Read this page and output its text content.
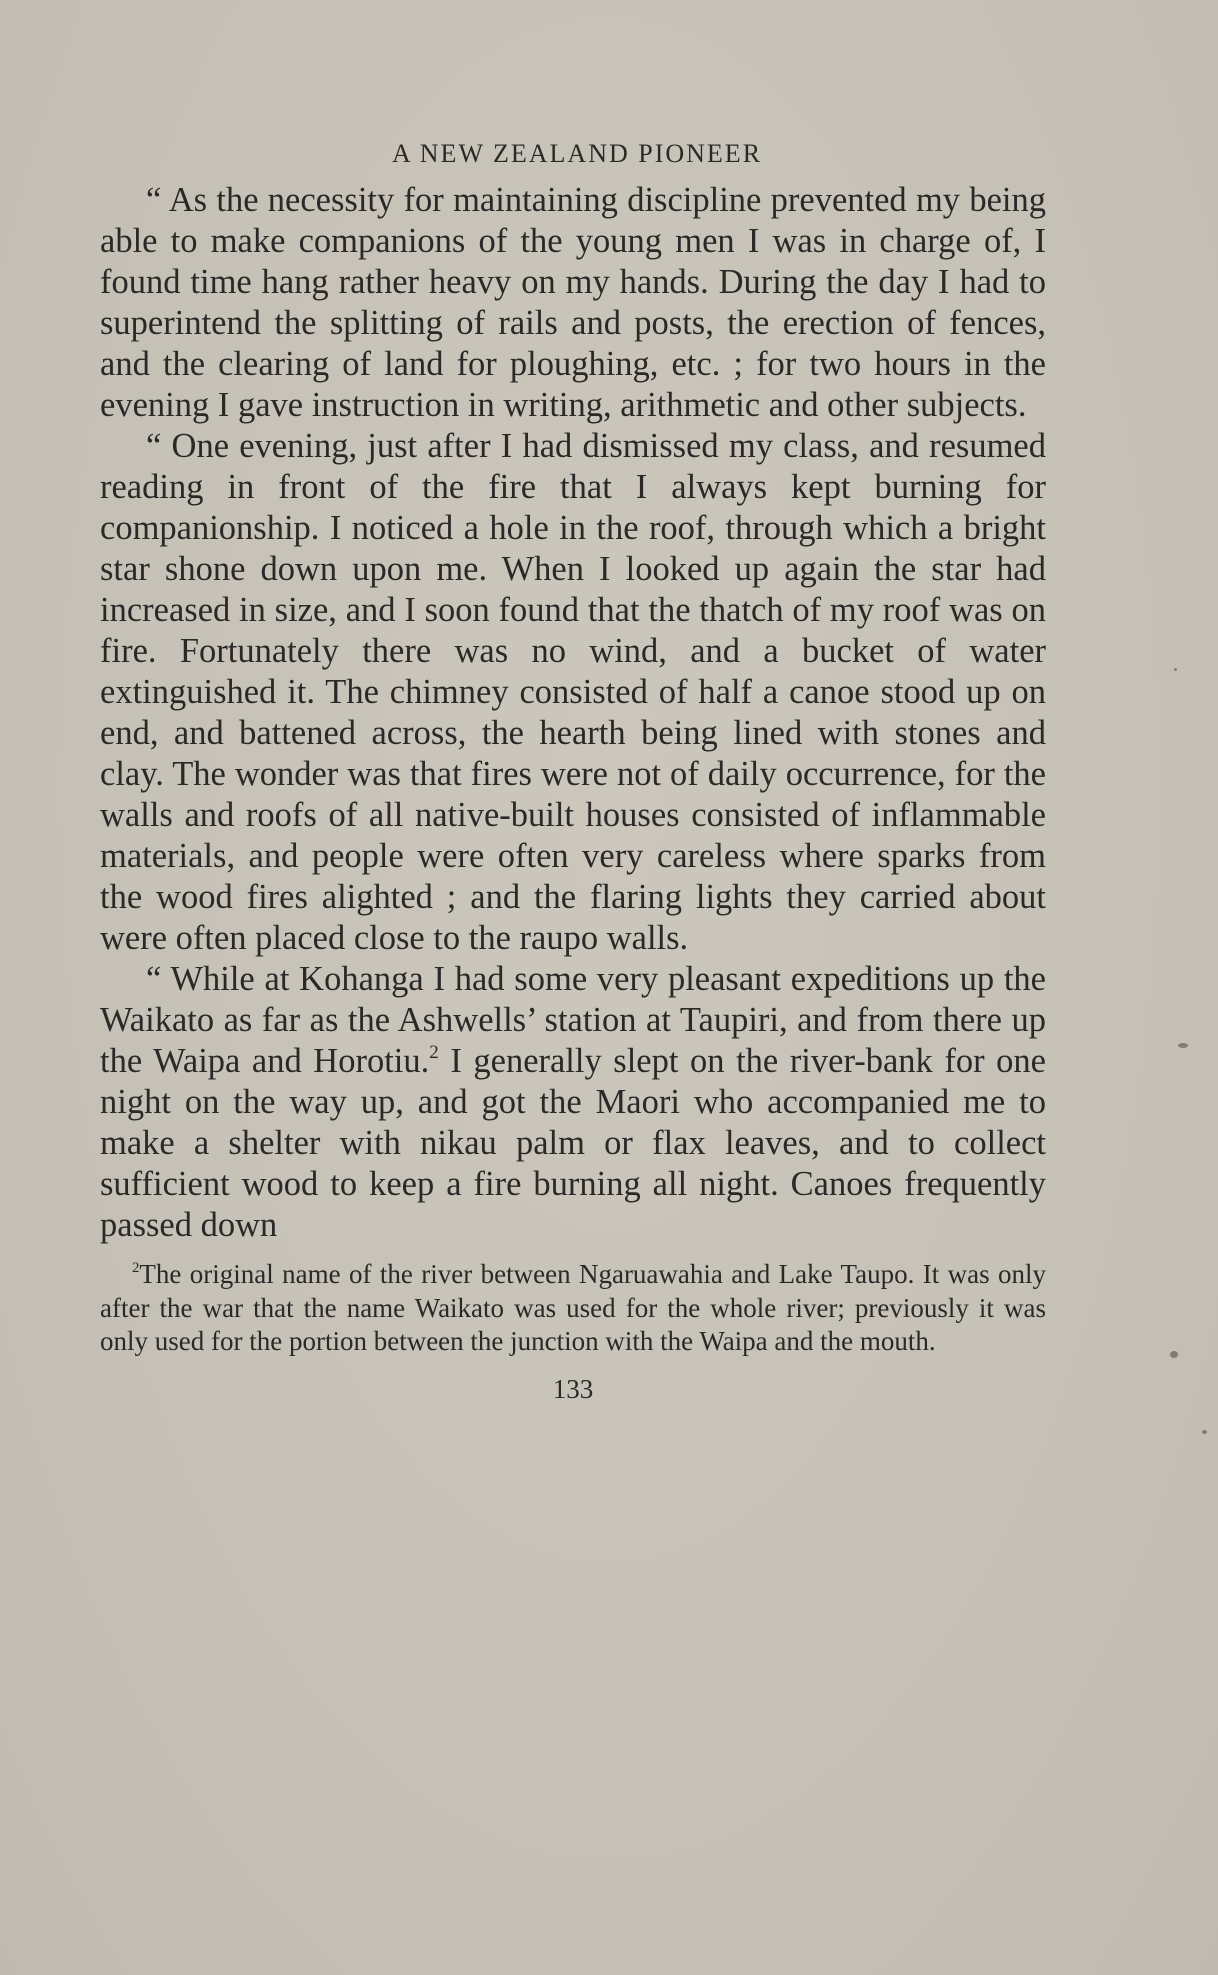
A NEW ZEALAND PIONEER

“ As the necessity for maintaining discipline prevented my being able to make companions of the young men I was in charge of, I found time hang rather heavy on my hands. During the day I had to superintend the splitting of rails and posts, the erection of fences, and the clearing of land for ploughing, etc. ; for two hours in the evening I gave instruction in writing, arithmetic and other subjects.

“ One evening, just after I had dismissed my class, and resumed reading in front of the fire that I always kept burning for companionship. I noticed a hole in the roof, through which a bright star shone down upon me. When I looked up again the star had increased in size, and I soon found that the thatch of my roof was on fire. Fortunately there was no wind, and a bucket of water extinguished it. The chimney consisted of half a canoe stood up on end, and battened across, the hearth being lined with stones and clay. The wonder was that fires were not of daily occurrence, for the walls and roofs of all native-built houses consisted of inflammable materials, and people were often very careless where sparks from the wood fires alighted ; and the flaring lights they carried about were often placed close to the raupo walls.

“ While at Kohanga I had some very pleasant expeditions up the Waikato as far as the Ashwells’ station at Taupiri, and from there up the Waipa and Horotiu.$^2$ I generally slept on the river-bank for one night on the way up, and got the Maori who accompanied me to make a shelter with nikau palm or flax leaves, and to collect sufficient wood to keep a fire burning all night. Canoes frequently passed down

$^2$The original name of the river between Ngaruawahia and Lake Taupo. It was only after the war that the name Waikato was used for the whole river; previously it was only used for the portion between the junction with the Waipa and the mouth.

133
